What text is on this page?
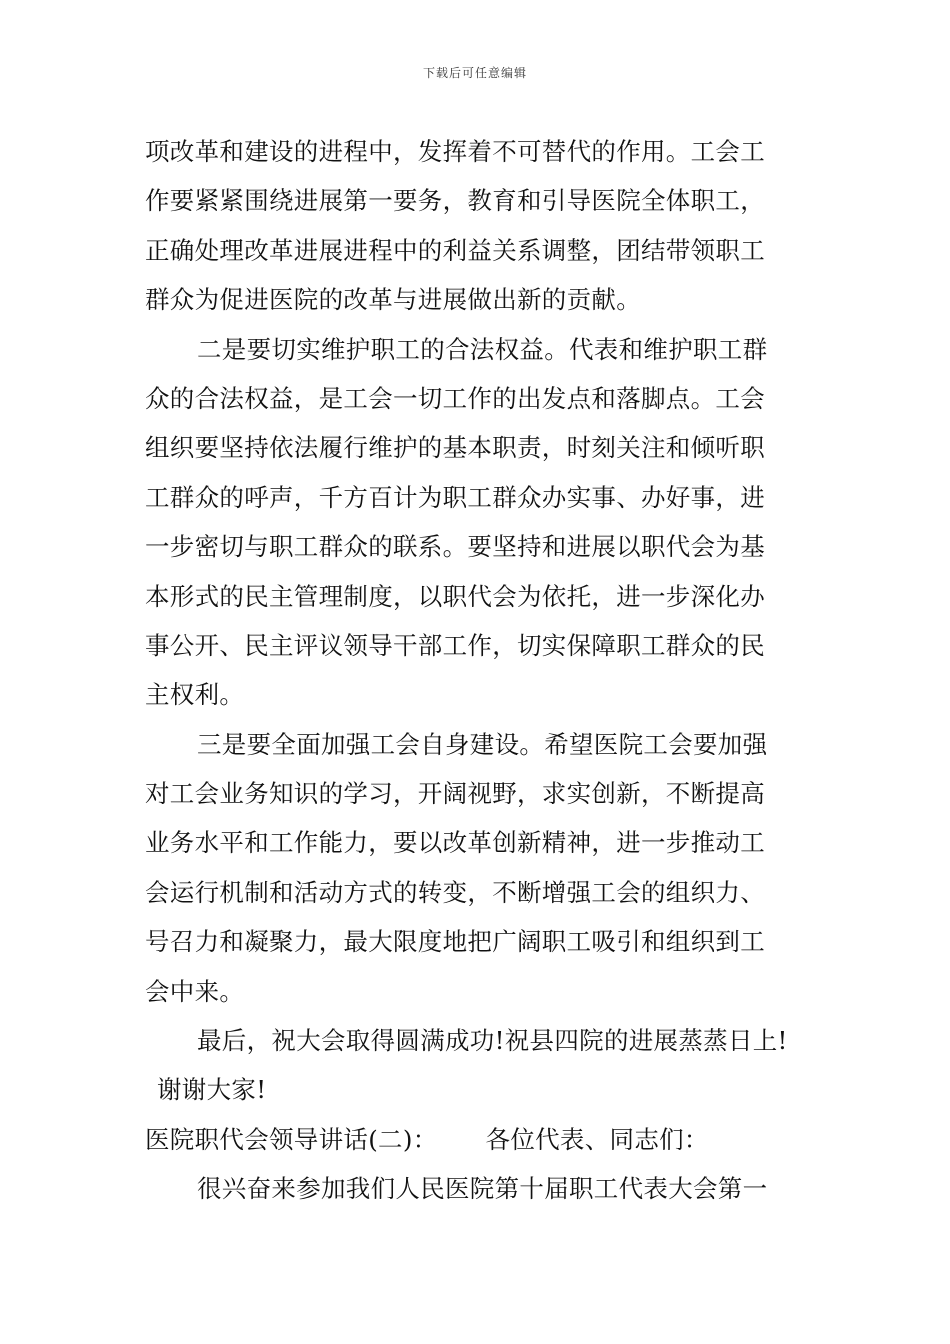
下载后可任意编辑
项改革和建设的进程中，发挥着不可替代的作用。工会工
作要紧紧围绕进展第一要务，教育和引导医院全体职工，
正确处理改革进展进程中的利益关系调整，团结带领职工
群众为促进医院的改革与进展做出新的贡献。
二是要切实维护职工的合法权益。代表和维护职工群
众的合法权益，是工会一切工作的出发点和落脚点。工会
组织要坚持依法履行维护的基本职责，时刻关注和倾听职
工群众的呼声，千方百计为职工群众办实事、办好事，进
一步密切与职工群众的联系。要坚持和进展以职代会为基
本形式的民主管理制度，以职代会为依托，进一步深化办
事公开、民主评议领导干部工作，切实保障职工群众的民
主权利。
三是要全面加强工会自身建设。希望医院工会要加强
对工会业务知识的学习，开阔视野，求实创新，不断提高
业务水平和工作能力，要以改革创新精神，进一步推动工
会运行机制和活动方式的转变，不断增强工会的组织力、
号召力和凝聚力，最大限度地把广阔职工吸引和组织到工
会中来。
最后，祝大会取得圆满成功!祝县四院的进展蒸蒸日上!
谢谢大家!
医院职代会领导讲话(二)： 各位代表、同志们：
很兴奋来参加我们人民医院第十届职工代表大会第一
